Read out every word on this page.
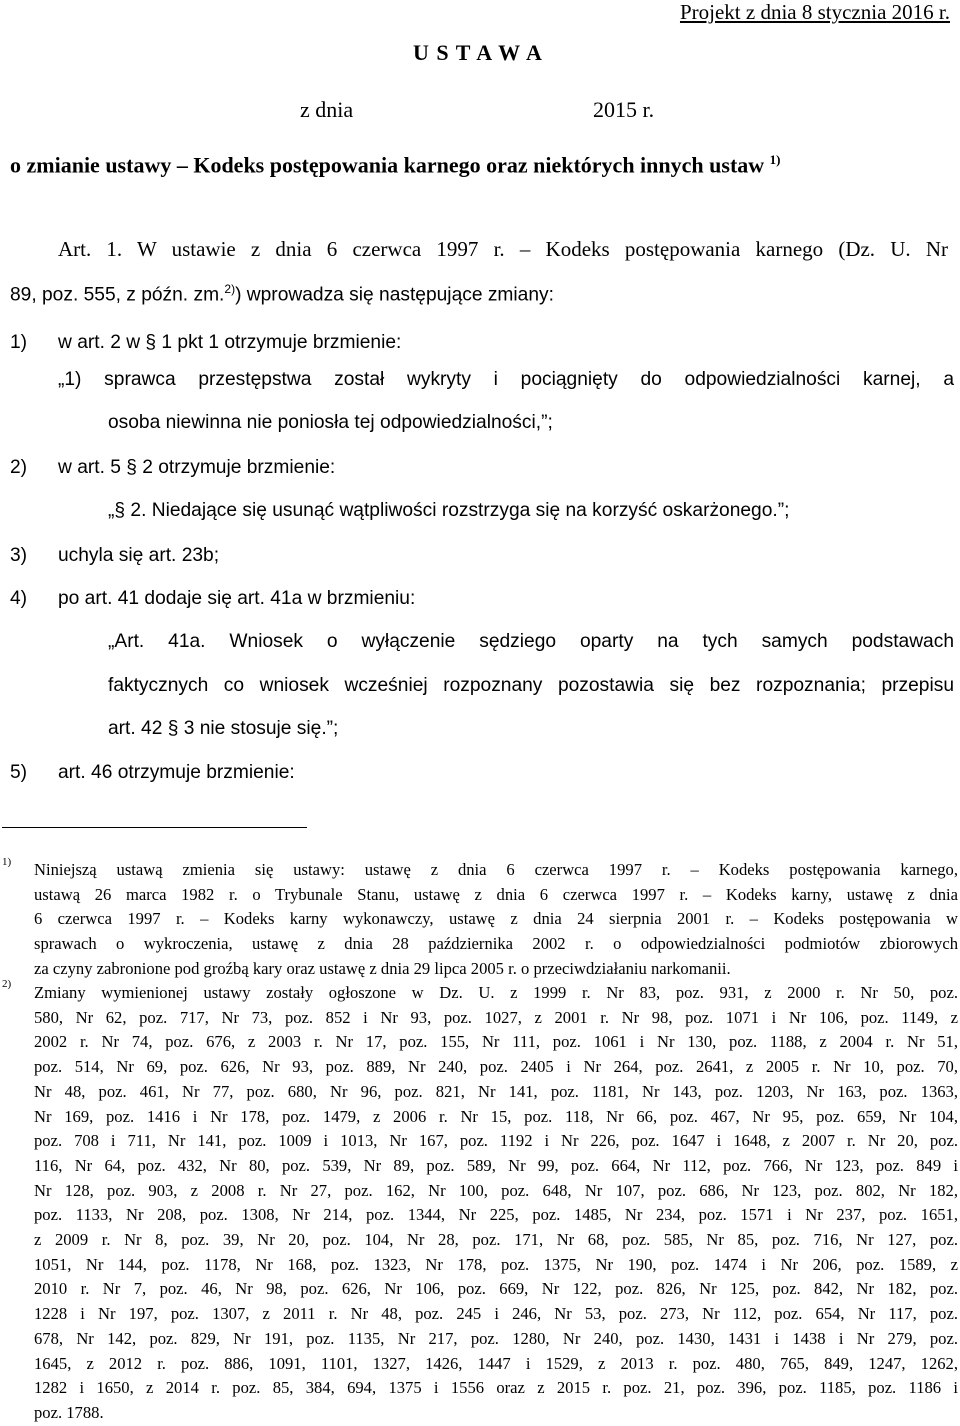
Projekt z dnia 8 stycznia 2016 r.
U S T A W A
z dnia	2015 r.
o zmianie ustawy – Kodeks postępowania karnego oraz niektórych innych ustaw $^{1)}$
Art. 1. W ustawie z dnia 6 czerwca 1997 r. – Kodeks postępowania karnego (Dz. U. Nr
89, poz. 555, z późn. zm.$^{2)}$) wprowadza się następujące zmiany:
1) w art. 2 w § 1 pkt 1 otrzymuje brzmienie:
„1) sprawca przestępstwa został wykryty i pociągnięty do odpowiedzialności karnej, a
osoba niewinna nie poniosła tej odpowiedzialności,”;
2) w art. 5 § 2 otrzymuje brzmienie:
„§ 2. Niedające się usunąć wątpliwości rozstrzyga się na korzyść oskarżonego.”;
3) uchyla się art. 23b;
4) po art. 41 dodaje się art. 41a w brzmieniu:
„Art. 41a. Wniosek o wyłączenie sędziego oparty na tych samych podstawach
faktycznych co wniosek wcześniej rozpoznany pozostawia się bez rozpoznania; przepisu
art. 42 § 3 nie stosuje się.”;
5) art. 46 otrzymuje brzmienie:
1) Niniejszą ustawą zmienia się ustawy: ustawę z dnia 6 czerwca 1997 r. – Kodeks postępowania karnego,
ustawą 26 marca 1982 r. o Trybunale Stanu, ustawę z dnia 6 czerwca 1997 r. – Kodeks karny, ustawę z dnia
6 czerwca 1997 r. – Kodeks karny wykonawczy, ustawę z dnia 24 sierpnia 2001 r. – Kodeks postępowania w
sprawach o wykroczenia, ustawę z dnia 28 października 2002 r. o odpowiedzialności podmiotów zbiorowych
za czyny zabronione pod groźbą kary oraz ustawę z dnia 29 lipca 2005 r. o przeciwdziałaniu narkomanii.
2) Zmiany wymienionej ustawy zostały ogłoszone w Dz. U. z 1999 r. Nr 83, poz. 931, z 2000 r. Nr 50, poz.
580, Nr 62, poz. 717, Nr 73, poz. 852 i Nr 93, poz. 1027, z 2001 r. Nr 98, poz. 1071 i Nr 106, poz. 1149, z
2002 r. Nr 74, poz. 676, z 2003 r. Nr 17, poz. 155, Nr 111, poz. 1061 i Nr 130, poz. 1188, z 2004 r. Nr 51,
poz. 514, Nr 69, poz. 626, Nr 93, poz. 889, Nr 240, poz. 2405 i Nr 264, poz. 2641, z 2005 r. Nr 10, poz. 70,
Nr 48, poz. 461, Nr 77, poz. 680, Nr 96, poz. 821, Nr 141, poz. 1181, Nr 143, poz. 1203, Nr 163, poz. 1363,
Nr 169, poz. 1416 i Nr 178, poz. 1479, z 2006 r. Nr 15, poz. 118, Nr 66, poz. 467, Nr 95, poz. 659, Nr 104,
poz. 708 i 711, Nr 141, poz. 1009 i 1013, Nr 167, poz. 1192 i Nr 226, poz. 1647 i 1648, z 2007 r. Nr 20, poz.
116, Nr 64, poz. 432, Nr 80, poz. 539, Nr 89, poz. 589, Nr 99, poz. 664, Nr 112, poz. 766, Nr 123, poz. 849 i
Nr 128, poz. 903, z 2008 r. Nr 27, poz. 162, Nr 100, poz. 648, Nr 107, poz. 686, Nr 123, poz. 802, Nr 182,
poz. 1133, Nr 208, poz. 1308, Nr 214, poz. 1344, Nr 225, poz. 1485, Nr 234, poz. 1571 i Nr 237, poz. 1651,
z 2009 r. Nr 8, poz. 39, Nr 20, poz. 104, Nr 28, poz. 171, Nr 68, poz. 585, Nr 85, poz. 716, Nr 127, poz.
1051, Nr 144, poz. 1178, Nr 168, poz. 1323, Nr 178, poz. 1375, Nr 190, poz. 1474 i Nr 206, poz. 1589, z
2010 r. Nr 7, poz. 46, Nr 98, poz. 626, Nr 106, poz. 669, Nr 122, poz. 826, Nr 125, poz. 842, Nr 182, poz.
1228 i Nr 197, poz. 1307, z 2011 r. Nr 48, poz. 245 i 246, Nr 53, poz. 273, Nr 112, poz. 654, Nr 117, poz.
678, Nr 142, poz. 829, Nr 191, poz. 1135, Nr 217, poz. 1280, Nr 240, poz. 1430, 1431 i 1438 i Nr 279, poz.
1645, z 2012 r. poz. 886, 1091, 1101, 1327, 1426, 1447 i 1529, z 2013 r. poz. 480, 765, 849, 1247, 1262,
1282 i 1650, z 2014 r. poz. 85, 384, 694, 1375 i 1556 oraz z 2015 r. poz. 21, poz. 396, poz. 1185, poz. 1186 i
poz. 1788.
